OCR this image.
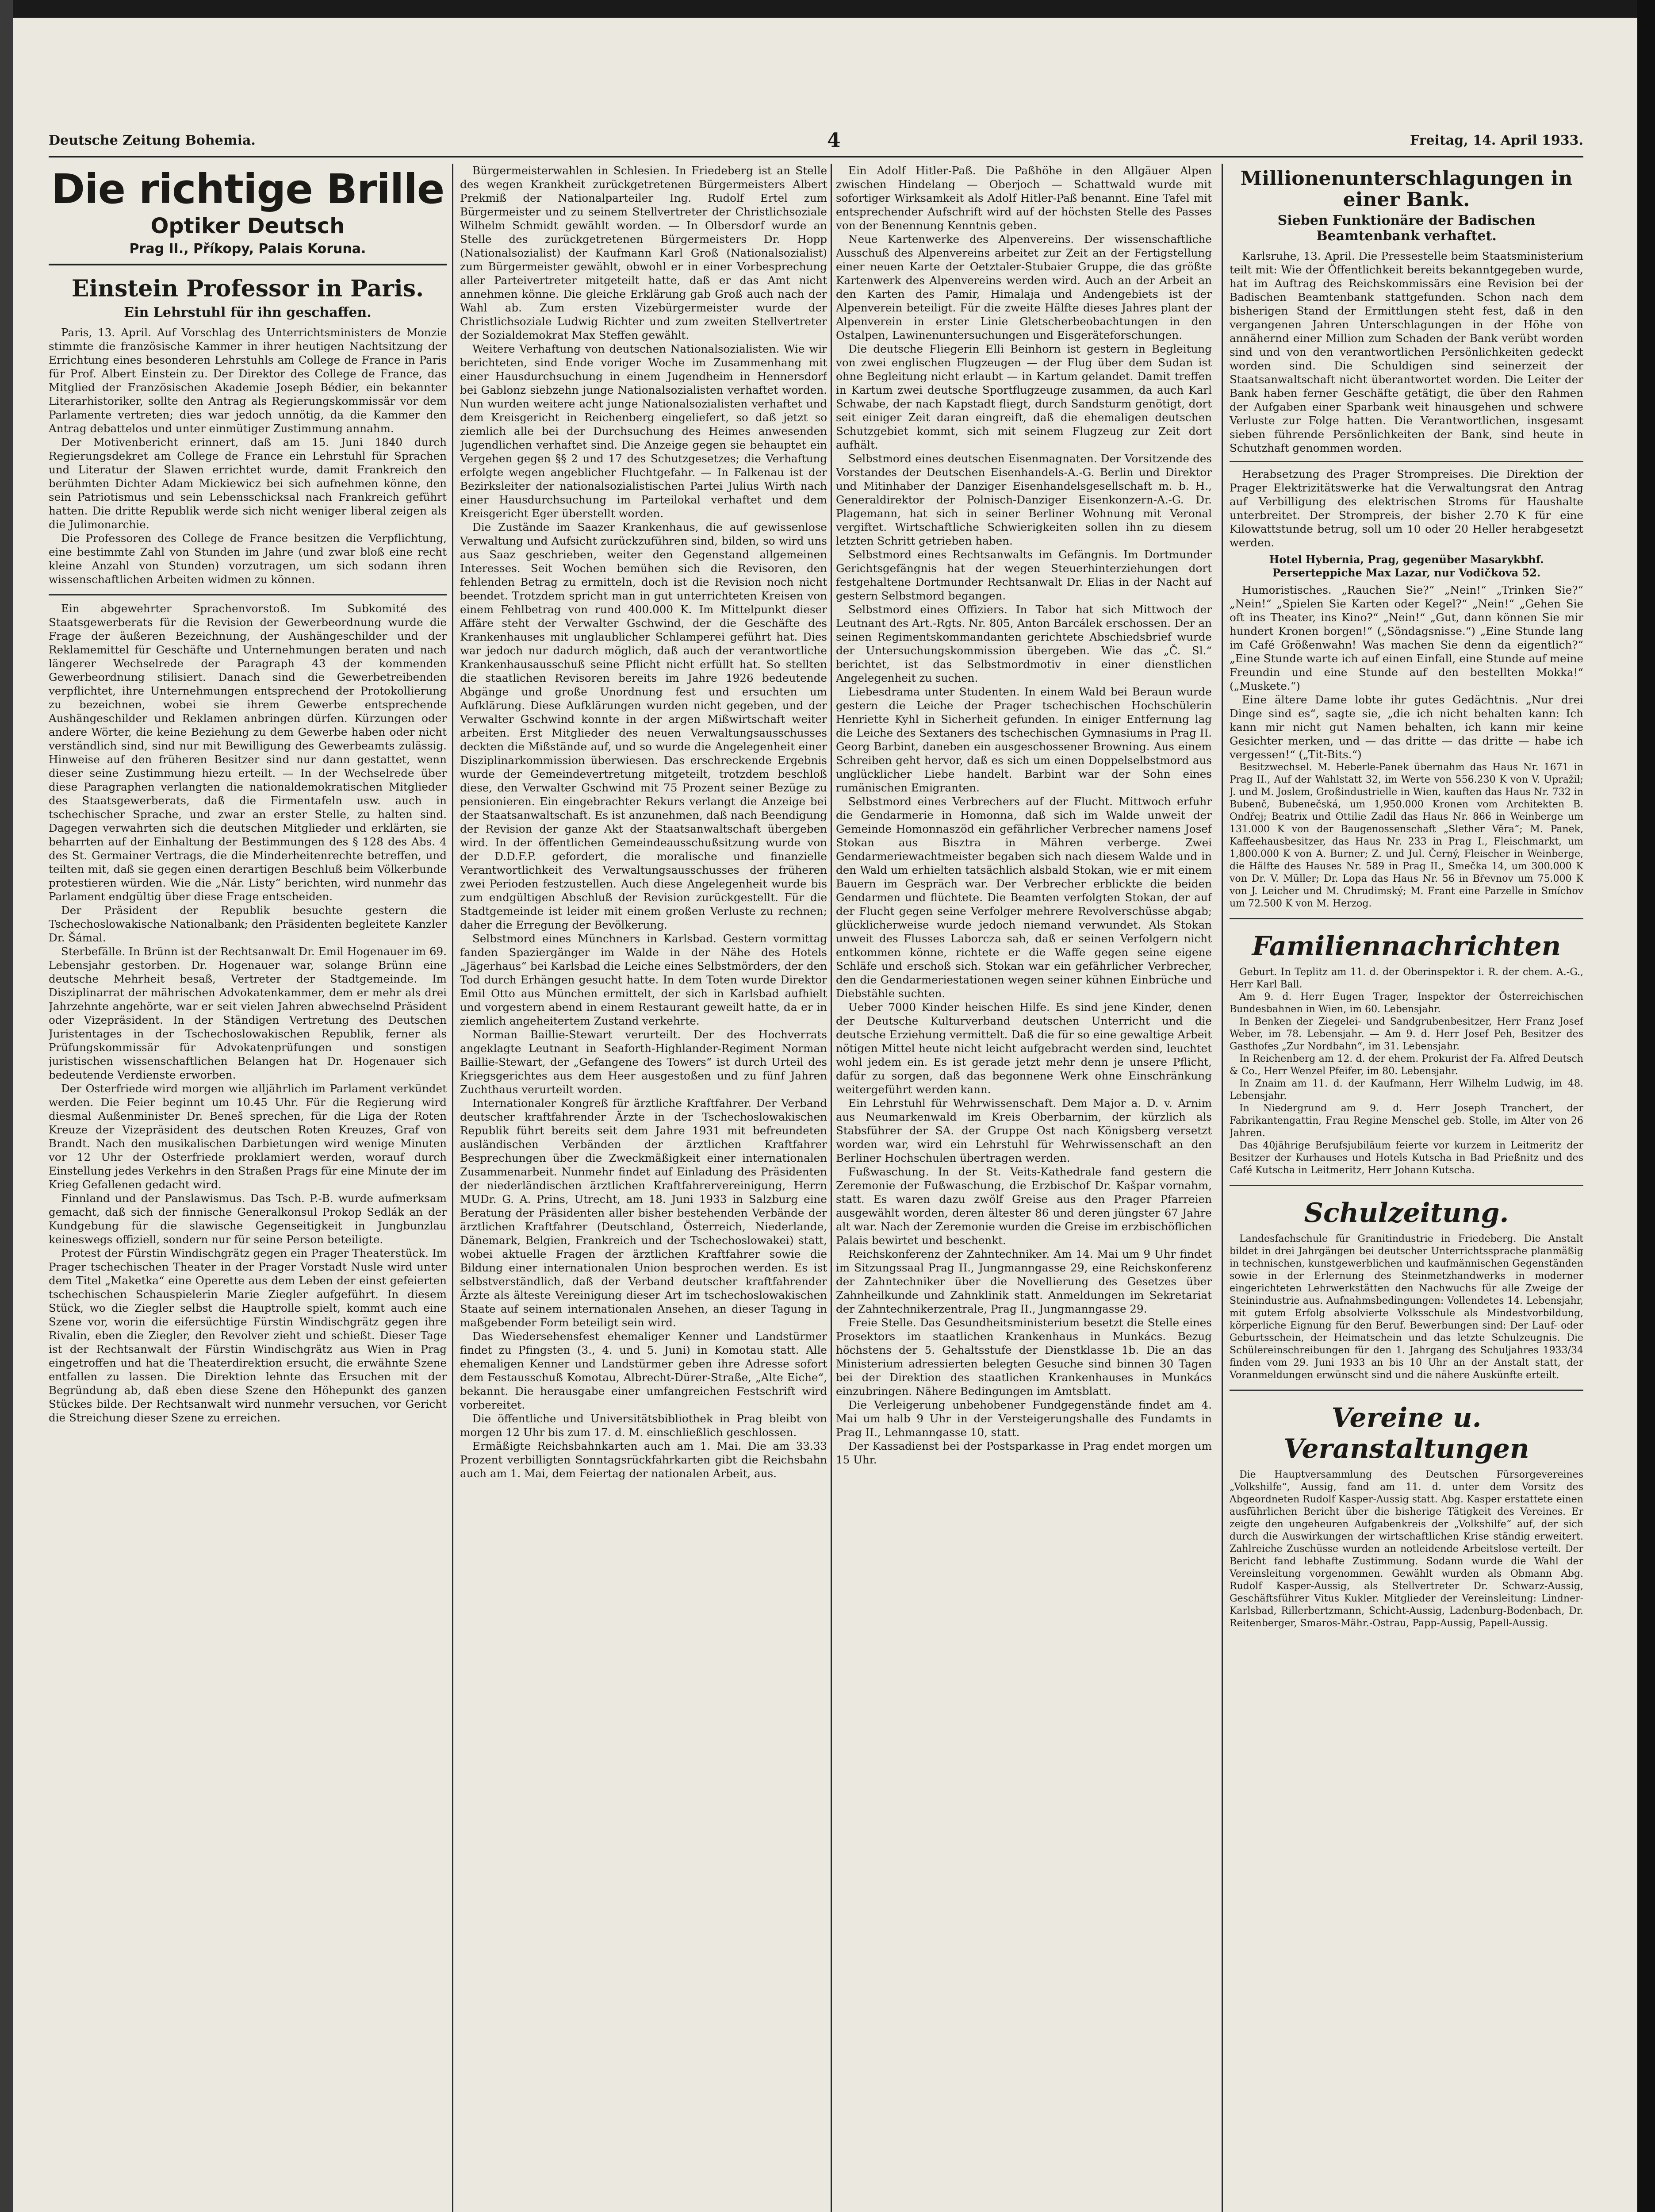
Deutsche Zeitung Bohemia.	4	Freitag, 14. April 1933.
Die richtige Brille
Optiker Deutsch
Prag II., Příkopy, Palais Koruna.
Einstein Professor in Paris.
Ein Lehrstuhl für ihn geschaffen.

Paris, 13. April. Auf Vorschlag des Unterrichtsministers de Monzie stimmte die französische Kammer in ihrer heutigen Nachtsitzung der Errichtung eines besonderen Lehrstuhls am College de France in Paris für Prof. Albert Einstein zu. Der Direktor des College de France, das Mitglied der Französischen Akademie Joseph Bédier, ein bekannter Literarhistoriker, sollte den Antrag als Regierungskommissär vor dem Parlamente vertreten; dies war jedoch unnötig, da die Kammer den Antrag debattelos und unter einmütiger Zustimmung annahm.

Der Motivenbericht erinnert, daß am 15. Juni 1840 durch Regierungsdekret am College de France ein Lehrstuhl für Sprachen und Literatur der Slawen errichtet wurde, damit Frankreich den berühmten Dichter Adam Mickiewicz bei sich aufnehmen könne, den sein Patriotismus und sein Lebensschicksal nach Frankreich geführt hatten. Die dritte Republik werde sich nicht weniger liberal zeigen als die Julimonarchie.

Die Professoren des College de France besitzen die Verpflichtung, eine bestimmte Zahl von Stunden im Jahre (und zwar bloß eine recht kleine Anzahl von Stunden) vorzutragen, um sich sodann ihren wissenschaftlichen Arbeiten widmen zu können.

Ein abgewehrter Sprachenvorstoß. Im Subkomité des Staatsgewerberats für die Revision der Gewerbeordnung wurde die Frage der äußeren Bezeichnung, der Aushängeschilder und der Reklamemittel für Geschäfte und Unternehmungen beraten und nach längerer Wechselrede der Paragraph 43 der kommenden Gewerbeordnung stilisiert. Danach sind die Gewerbetreibenden verpflichtet, ihre Unternehmungen entsprechend der Protokollierung zu bezeichnen, wobei sie ihrem Gewerbe entsprechende Aushängeschilder und Reklamen anbringen dürfen. Kürzungen oder andere Wörter, die keine Beziehung zu dem Gewerbe haben oder nicht verständlich sind, sind nur mit Bewilligung des Gewerbeamts zulässig. Hinweise auf den früheren Besitzer sind nur dann gestattet, wenn dieser seine Zustimmung hiezu erteilt. — In der Wechselrede über diese Paragraphen verlangten die nationaldemokratischen Mitglieder des Staatsgewerberats, daß die Firmentafeln usw. auch in tschechischer Sprache, und zwar an erster Stelle, zu halten sind. Dagegen verwahrten sich die deutschen Mitglieder und erklärten, sie beharrten auf der Einhaltung der Bestimmungen des § 128 des Abs. 4 des St. Germainer Vertrags, die die Minderheitenrechte betreffen, und teilten mit, daß sie gegen einen derartigen Beschluß beim Völkerbunde protestieren würden. Wie die „Nár. Listy“ berichten, wird nunmehr das Parlament endgültig über diese Frage entscheiden.

Der Präsident der Republik besuchte gestern die Tschechoslowakische Nationalbank; den Präsidenten begleitete Kanzler Dr. Šámal.

Sterbefälle. In Brünn ist der Rechtsanwalt Dr. Emil Hogenauer im 69. Lebensjahr gestorben. Dr. Hogenauer war, solange Brünn eine deutsche Mehrheit besaß, Vertreter der Stadtgemeinde. Im Disziplinarrat der mährischen Advokatenkammer, dem er mehr als drei Jahrzehnte angehörte, war er seit vielen Jahren abwechselnd Präsident oder Vizepräsident. In der Ständigen Vertretung des Deutschen Juristentages in der Tschechoslowakischen Republik, ferner als Prüfungskommissär für Advokatenprüfungen und sonstigen juristischen wissenschaftlichen Belangen hat Dr. Hogenauer sich bedeutende Verdienste erworben.

Der Osterfriede wird morgen wie alljährlich im Parlament verkündet werden. Die Feier beginnt um 10.45 Uhr. Für die Regierung wird diesmal Außenminister Dr. Beneš sprechen, für die Liga der Roten Kreuze der Vizepräsident des deutschen Roten Kreuzes, Graf von Brandt. Nach den musikalischen Darbietungen wird wenige Minuten vor 12 Uhr der Osterfriede proklamiert werden, worauf durch Einstellung jedes Verkehrs in den Straßen Prags für eine Minute der im Krieg Gefallenen gedacht wird.

Finnland und der Panslawismus. Das Tsch. P.-B. wurde aufmerksam gemacht, daß sich der finnische Generalkonsul Prokop Sedlák an der Kundgebung für die slawische Gegenseitigkeit in Jungbunzlau keineswegs offiziell, sondern nur für seine Person beteiligte.

Protest der Fürstin Windischgrätz gegen ein Prager Theaterstück. Im Prager tschechischen Theater in der Prager Vorstadt Nusle wird unter dem Titel „Maketka“ eine Operette aus dem Leben der einst gefeierten tschechischen Schauspielerin Marie Ziegler aufgeführt. In diesem Stück, wo die Ziegler selbst die Hauptrolle spielt, kommt auch eine Szene vor, worin die eifersüchtige Fürstin Windischgrätz gegen ihre Rivalin, eben die Ziegler, den Revolver zieht und schießt. Dieser Tage ist der Rechtsanwalt der Fürstin Windischgrätz aus Wien in Prag eingetroffen und hat die Theaterdirektion ersucht, die erwähnte Szene entfallen zu lassen. Die Direktion lehnte das Ersuchen mit der Begründung ab, daß eben diese Szene den Höhepunkt des ganzen Stückes bilde. Der Rechtsanwalt wird nunmehr versuchen, vor Gericht die Streichung dieser Szene zu erreichen.

Bürgermeisterwahlen in Schlesien. In Friedeberg ist an Stelle des wegen Krankheit zurückgetretenen Bürgermeisters Albert Prekmiß der Nationalparteiler Ing. Rudolf Ertel zum Bürgermeister und zu seinem Stellvertreter der Christlichsoziale Wilhelm Schmidt gewählt worden. — In Olbersdorf wurde an Stelle des zurückgetretenen Bürgermeisters Dr. Hopp (Nationalsozialist) der Kaufmann Karl Groß (Nationalsozialist) zum Bürgermeister gewählt, obwohl er in einer Vorbesprechung aller Parteivertreter mitgeteilt hatte, daß er das Amt nicht annehmen könne. Die gleiche Erklärung gab Groß auch nach der Wahl ab. Zum ersten Vizebürgermeister wurde der Christlichsoziale Ludwig Richter und zum zweiten Stellvertreter der Sozialdemokrat Max Steffen gewählt.

Weitere Verhaftung von deutschen Nationalsozialisten. Wie wir berichteten, sind Ende voriger Woche im Zusammenhang mit einer Hausdurchsuchung in einem Jugendheim in Hennersdorf bei Gablonz siebzehn junge Nationalsozialisten verhaftet worden. Nun wurden weitere acht junge Nationalsozialisten verhaftet und dem Kreisgericht in Reichenberg eingeliefert, so daß jetzt so ziemlich alle bei der Durchsuchung des Heimes anwesenden Jugendlichen verhaftet sind. Die Anzeige gegen sie behauptet ein Vergehen gegen §§ 2 und 17 des Schutzgesetzes; die Verhaftung erfolgte wegen angeblicher Fluchtgefahr. — In Falkenau ist der Bezirksleiter der nationalsozialistischen Partei Julius Wirth nach einer Hausdurchsuchung im Parteilokal verhaftet und dem Kreisgericht Eger überstellt worden.

Die Zustände im Saazer Krankenhaus, die auf gewissenlose Verwaltung und Aufsicht zurückzuführen sind, bilden, so wird uns aus Saaz geschrieben, weiter den Gegenstand allgemeinen Interesses. Seit Wochen bemühen sich die Revisoren, den fehlenden Betrag zu ermitteln, doch ist die Revision noch nicht beendet. Trotzdem spricht man in gut unterrichteten Kreisen von einem Fehlbetrag von rund 400.000 K. Im Mittelpunkt dieser Affäre steht der Verwalter Gschwind, der die Geschäfte des Krankenhauses mit unglaublicher Schlamperei geführt hat. Dies war jedoch nur dadurch möglich, daß auch der verantwortliche Krankenhausausschuß seine Pflicht nicht erfüllt hat. So stellten die staatlichen Revisoren bereits im Jahre 1926 bedeutende Abgänge und große Unordnung fest und ersuchten um Aufklärung. Diese Aufklärungen wurden nicht gegeben, und der Verwalter Gschwind konnte in der argen Mißwirtschaft weiter arbeiten. Erst Mitglieder des neuen Verwaltungsausschusses deckten die Mißstände auf, und so wurde die Angelegenheit einer Disziplinarkommission überwiesen. Das erschreckende Ergebnis wurde der Gemeindevertretung mitgeteilt, trotzdem beschloß diese, den Verwalter Gschwind mit 75 Prozent seiner Bezüge zu pensionieren. Ein eingebrachter Rekurs verlangt die Anzeige bei der Staatsanwaltschaft. Es ist anzunehmen, daß nach Beendigung der Revision der ganze Akt der Staatsanwaltschaft übergeben wird. In der öffentlichen Gemeindeausschußsitzung wurde von der D.D.F.P. gefordert, die moralische und finanzielle Verantwortlichkeit des Verwaltungsausschusses der früheren zwei Perioden festzustellen. Auch diese Angelegenheit wurde bis zum endgültigen Abschluß der Revision zurückgestellt. Für die Stadtgemeinde ist leider mit einem großen Verluste zu rechnen; daher die Erregung der Bevölkerung.

Selbstmord eines Münchners in Karlsbad. Gestern vormittag fanden Spaziergänger im Walde in der Nähe des Hotels „Jägerhaus“ bei Karlsbad die Leiche eines Selbstmörders, der den Tod durch Erhängen gesucht hatte. In dem Toten wurde Direktor Emil Otto aus München ermittelt, der sich in Karlsbad aufhielt und vorgestern abend in einem Restaurant geweilt hatte, da er in ziemlich angeheitertem Zustand verkehrte.

Norman Baillie-Stewart verurteilt. Der des Hochverrats angeklagte Leutnant in Seaforth-Highlander-Regiment Norman Baillie-Stewart, der „Gefangene des Towers“ ist durch Urteil des Kriegsgerichtes aus dem Heer ausgestoßen und zu fünf Jahren Zuchthaus verurteilt worden.

Internationaler Kongreß für ärztliche Kraftfahrer. Der Verband deutscher kraftfahrender Ärzte in der Tschechoslowakischen Republik führt bereits seit dem Jahre 1931 mit befreundeten ausländischen Verbänden der ärztlichen Kraftfahrer Besprechungen über die Zweckmäßigkeit einer internationalen Zusammenarbeit. Nunmehr findet auf Einladung des Präsidenten der niederländischen ärztlichen Kraftfahrervereinigung, Herrn MUDr. G. A. Prins, Utrecht, am 18. Juni 1933 in Salzburg eine Beratung der Präsidenten aller bisher bestehenden Verbände der ärztlichen Kraftfahrer (Deutschland, Österreich, Niederlande, Dänemark, Belgien, Frankreich und der Tschechoslowakei) statt, wobei aktuelle Fragen der ärztlichen Kraftfahrer sowie die Bildung einer internationalen Union besprochen werden. Es ist selbstverständlich, daß der Verband deutscher kraftfahrender Ärzte als älteste Vereinigung dieser Art im tschechoslowakischen Staate auf seinem internationalen Ansehen, an dieser Tagung in maßgebender Form beteiligt sein wird.

Das Wiedersehensfest ehemaliger Kenner und Landstürmer findet zu Pfingsten (3., 4. und 5. Juni) in Komotau statt. Alle ehemaligen Kenner und Landstürmer geben ihre Adresse sofort dem Festausschuß Komotau, Albrecht-Dürer-Straße, „Alte Eiche“, bekannt. Die herausgabe einer umfangreichen Festschrift wird vorbereitet.

Die öffentliche und Universitätsbibliothek in Prag bleibt von morgen 12 Uhr bis zum 17. d. M. einschließlich geschlossen.

Ermäßigte Reichsbahnkarten auch am 1. Mai. Die am 33.33 Prozent verbilligten Sonntagsrückfahrkarten gibt die Reichsbahn auch am 1. Mai, dem Feiertag der nationalen Arbeit, aus.

Ein Adolf Hitler-Paß. Die Paßhöhe in den Allgäuer Alpen zwischen Hindelang — Oberjoch — Schattwald wurde mit sofortiger Wirksamkeit als Adolf Hitler-Paß benannt. Eine Tafel mit entsprechender Aufschrift wird auf der höchsten Stelle des Passes von der Benennung Kenntnis geben.

Neue Kartenwerke des Alpenvereins. Der wissenschaftliche Ausschuß des Alpenvereins arbeitet zur Zeit an der Fertigstellung einer neuen Karte der Oetztaler-Stubaier Gruppe, die das größte Kartenwerk des Alpenvereins werden wird. Auch an der Arbeit an den Karten des Pamir, Himalaja und Andengebiets ist der Alpenverein beteiligt. Für die zweite Hälfte dieses Jahres plant der Alpenverein in erster Linie Gletscherbeobachtungen in den Ostalpen, Lawinenuntersuchungen und Eisgeräteforschungen.

Die deutsche Fliegerin Elli Beinhorn ist gestern in Begleitung von zwei englischen Flugzeugen — der Flug über dem Sudan ist ohne Begleitung nicht erlaubt — in Kartum gelandet. Damit treffen in Kartum zwei deutsche Sportflugzeuge zusammen, da auch Karl Schwabe, der nach Kapstadt fliegt, durch Sandsturm genötigt, dort seit einiger Zeit daran eingreift, daß die ehemaligen deutschen Schutzgebiet kommt, sich mit seinem Flugzeug zur Zeit dort aufhält.

Selbstmord eines deutschen Eisenmagnaten. Der Vorsitzende des Vorstandes der Deutschen Eisenhandels-A.-G. Berlin und Direktor und Mitinhaber der Danziger Eisenhandelsgesellschaft m. b. H., Generaldirektor der Polnisch-Danziger Eisenkonzern-A.-G. Dr. Plagemann, hat sich in seiner Berliner Wohnung mit Veronal vergiftet. Wirtschaftliche Schwierigkeiten sollen ihn zu diesem letzten Schritt getrieben haben.

Selbstmord eines Rechtsanwalts im Gefängnis. Im Dortmunder Gerichtsgefängnis hat der wegen Steuerhinterziehungen dort festgehaltene Dortmunder Rechtsanwalt Dr. Elias in der Nacht auf gestern Selbstmord begangen.

Selbstmord eines Offiziers. In Tabor hat sich Mittwoch der Leutnant des Art.-Rgts. Nr. 805, Anton Barcálek erschossen. Der an seinen Regimentskommandanten gerichtete Abschiedsbrief wurde der Untersuchungskommission übergeben. Wie das „Č. Sl.“ berichtet, ist das Selbstmordmotiv in einer dienstlichen Angelegenheit zu suchen.

Liebesdrama unter Studenten. In einem Wald bei Beraun wurde gestern die Leiche der Prager tschechischen Hochschülerin Henriette Kyhl in Sicherheit gefunden. In einiger Entfernung lag die Leiche des Sextaners des tschechischen Gymnasiums in Prag II. Georg Barbint, daneben ein ausgeschossener Browning. Aus einem Schreiben geht hervor, daß es sich um einen Doppelselbstmord aus unglücklicher Liebe handelt. Barbint war der Sohn eines rumänischen Emigranten.

Selbstmord eines Verbrechers auf der Flucht. Mittwoch erfuhr die Gendarmerie in Homonna, daß sich im Walde unweit der Gemeinde Homonnaszöd ein gefährlicher Verbrecher namens Josef Stokan aus Bisztra in Mähren verberge. Zwei Gendarmeriewachtmeister begaben sich nach diesem Walde und in den Wald um erhielten tatsächlich alsbald Stokan, wie er mit einem Bauern im Gespräch war. Der Verbrecher erblickte die beiden Gendarmen und flüchtete. Die Beamten verfolgten Stokan, der auf der Flucht gegen seine Verfolger mehrere Revolverschüsse abgab; glücklicherweise wurde jedoch niemand verwundet. Als Stokan unweit des Flusses Laborcza sah, daß er seinen Verfolgern nicht entkommen könne, richtete er die Waffe gegen seine eigene Schläfe und erschoß sich. Stokan war ein gefährlicher Verbrecher, den die Gendarmeriestationen wegen seiner kühnen Einbrüche und Diebstähle suchten.

Ueber 7000 Kinder heischen Hilfe. Es sind jene Kinder, denen der Deutsche Kulturverband deutschen Unterricht und die deutsche Erziehung vermittelt. Daß die für so eine gewaltige Arbeit nötigen Mittel heute nicht leicht aufgebracht werden sind, leuchtet wohl jedem ein. Es ist gerade jetzt mehr denn je unsere Pflicht, dafür zu sorgen, daß das begonnene Werk ohne Einschränkung weitergeführt werden kann.

Ein Lehrstuhl für Wehrwissenschaft. Dem Major a. D. v. Arnim aus Neumarkenwald im Kreis Oberbarnim, der kürzlich als Stabsführer der SA. der Gruppe Ost nach Königsberg versetzt worden war, wird ein Lehrstuhl für Wehrwissenschaft an den Berliner Hochschulen übertragen werden.

Fußwaschung. In der St. Veits-Kathedrale fand gestern die Zeremonie der Fußwaschung, die Erzbischof Dr. Kašpar vornahm, statt. Es waren dazu zwölf Greise aus den Prager Pfarreien ausgewählt worden, deren ältester 86 und deren jüngster 67 Jahre alt war. Nach der Zeremonie wurden die Greise im erzbischöflichen Palais bewirtet und beschenkt.

Reichskonferenz der Zahntechniker. Am 14. Mai um 9 Uhr findet im Sitzungssaal Prag II., Jungmanngasse 29, eine Reichskonferenz der Zahntechniker über die Novellierung des Gesetzes über Zahnheilkunde und Zahnklinik statt. Anmeldungen im Sekretariat der Zahntechnikerzentrale, Prag II., Jungmanngasse 29.

Freie Stelle. Das Gesundheitsministerium besetzt die Stelle eines Prosektors im staatlichen Krankenhaus in Munkács. Bezug höchstens der 5. Gehaltsstufe der Dienstklasse 1b. Die an das Ministerium adressierten belegten Gesuche sind binnen 30 Tagen bei der Direktion des staatlichen Krankenhauses in Munkács einzubringen. Nähere Bedingungen im Amtsblatt.

Die Verleigerung unbehobener Fundgegenstände findet am 4. Mai um halb 9 Uhr in der Versteigerungshalle des Fundamts in Prag II., Lehmanngasse 10, statt.

Der Kassadienst bei der Postsparkasse in Prag endet morgen um 15 Uhr.

Millionenunterschlagungen in einer Bank.
Sieben Funktionäre der Badischen Beamtenbank verhaftet.

Karlsruhe, 13. April. Die Pressestelle beim Staatsministerium teilt mit: Wie der Öffentlichkeit bereits bekanntgegeben wurde, hat im Auftrag des Reichskommissärs eine Revision bei der Badischen Beamtenbank stattgefunden. Schon nach dem bisherigen Stand der Ermittlungen steht fest, daß in den vergangenen Jahren Unterschlagungen in der Höhe von annähernd einer Million zum Schaden der Bank verübt worden sind und von den verantwortlichen Persönlichkeiten gedeckt worden sind. Die Schuldigen sind seinerzeit der Staatsanwaltschaft nicht überantwortet worden. Die Leiter der Bank haben ferner Geschäfte getätigt, die über den Rahmen der Aufgaben einer Sparbank weit hinausgehen und schwere Verluste zur Folge hatten. Die Verantwortlichen, insgesamt sieben führende Persönlichkeiten der Bank, sind heute in Schutzhaft genommen worden.

Herabsetzung des Prager Strompreises. Die Direktion der Prager Elektrizitätswerke hat die Verwaltungsrat den Antrag auf Verbilligung des elektrischen Stroms für Haushalte unterbreitet. Der Strompreis, der bisher 2.70 K für eine Kilowattstunde betrug, soll um 10 oder 20 Heller herabgesetzt werden.

Hotel Hybernia, Prag, gegenüber Masarykbhf. Perserteppiche Max Lazar, nur Vodičkova 52.

Humoristisches. „Rauchen Sie?“ „Nein!“ „Trinken Sie?“ „Nein!“ „Spielen Sie Karten oder Kegel?“ „Nein!“ „Gehen Sie oft ins Theater, ins Kino?“ „Nein!“ „Gut, dann können Sie mir hundert Kronen borgen!“ („Söndagsnisse.“) „Eine Stunde lang im Café Größenwahn! Was machen Sie denn da eigentlich?“ „Eine Stunde warte ich auf einen Einfall, eine Stunde auf meine Freundin und eine Stunde auf den bestellten Mokka!“ („Muskete.“)

Eine ältere Dame lobte ihr gutes Gedächtnis. „Nur drei Dinge sind es“, sagte sie, „die ich nicht behalten kann: Ich kann mir nicht gut Namen behalten, ich kann mir keine Gesichter merken, und — das dritte — das dritte — habe ich vergessen!“ („Tit-Bits.“)

Besitzwechsel. M. Heberle-Panek übernahm das Haus Nr. 1671 in Prag II., Auf der Wahlstatt 32, im Werte von 556.230 K von V. Upražil; J. und M. Joslem, Großindustrielle in Wien, kauften das Haus Nr. 732 in Bubenč, Bubenečská, um 1,950.000 Kronen vom Architekten B. Ondřej; Beatrix und Ottilie Zadil das Haus Nr. 866 in Weinberge um 131.000 K von der Baugenossenschaft „Slether Věra“; M. Panek, Kaffeehausbesitzer, das Haus Nr. 233 in Prag I., Fleischmarkt, um 1,800.000 K von A. Burner; Z. und Jul. Černý, Fleischer in Weinberge, die Hälfte des Hauses Nr. 589 in Prag II., Smečka 14, um 300.000 K von Dr. V. Müller; Dr. Lopa das Haus Nr. 56 in Břevnov um 75.000 K von J. Leicher und M. Chrudimský; M. Frant eine Parzelle in Smíchov um 72.500 K von M. Herzog.

Familiennachrichten

Geburt. In Teplitz am 11. d. der Oberinspektor i. R. der chem. A.-G., Herr Karl Ball.

Am 9. d. Herr Eugen Trager, Inspektor der Österreichischen Bundesbahnen in Wien, im 60. Lebensjahr.

In Benken der Ziegelei- und Sandgrubenbesitzer, Herr Franz Josef Weber, im 78. Lebensjahr. — Am 9. d. Herr Josef Peh, Besitzer des Gasthofes „Zur Nordbahn“, im 31. Lebensjahr.

In Reichenberg am 12. d. der ehem. Prokurist der Fa. Alfred Deutsch & Co., Herr Wenzel Pfeifer, im 80. Lebensjahr.

In Znaim am 11. d. der Kaufmann, Herr Wilhelm Ludwig, im 48. Lebensjahr.

In Niedergrund am 9. d. Herr Joseph Tranchert, der Fabrikantengattin, Frau Regine Menschel geb. Stolle, im Alter von 26 Jahren.

Das 40jährige Berufsjubiläum feierte vor kurzem in Leitmeritz der Besitzer der Kurhauses und Hotels Kutscha in Bad Prießnitz und des Café Kutscha in Leitmeritz, Herr Johann Kutscha.

Schulzeitung.

Landesfachschule für Granitindustrie in Friedeberg. Die Anstalt bildet in drei Jahrgängen bei deutscher Unterrichtssprache planmäßig in technischen, kunstgewerblichen und kaufmännischen Gegenständen sowie in der Erlernung des Steinmetzhandwerks in moderner eingerichteten Lehrwerkstätten den Nachwuchs für alle Zweige der Steinindustrie aus. Aufnahmsbedingungen: Vollendetes 14. Lebensjahr, mit gutem Erfolg absolvierte Volksschule als Mindestvorbildung, körperliche Eignung für den Beruf. Bewerbungen sind: Der Lauf- oder Geburtsschein, der Heimatschein und das letzte Schulzeugnis. Die Schülereinschreibungen für den 1. Jahrgang des Schuljahres 1933/34 finden vom 29. Juni 1933 an bis 10 Uhr an der Anstalt statt, der Voranmeldungen erwünscht sind und die nähere Auskünfte erteilt.

Vereine u. Veranstaltungen

Die Hauptversammlung des Deutschen Fürsorgevereines „Volkshilfe“, Aussig, fand am 11. d. unter dem Vorsitz des Abgeordneten Rudolf Kasper-Aussig statt. Abg. Kasper erstattete einen ausführlichen Bericht über die bisherige Tätigkeit des Vereines. Er zeigte den ungeheuren Aufgabenkreis der „Volkshilfe“ auf, der sich durch die Auswirkungen der wirtschaftlichen Krise ständig erweitert. Zahlreiche Zuschüsse wurden an notleidende Arbeitslose verteilt. Der Bericht fand lebhafte Zustimmung. Sodann wurde die Wahl der Vereinsleitung vorgenommen. Gewählt wurden als Obmann Abg. Rudolf Kasper-Aussig, als Stellvertreter Dr. Schwarz-Aussig, Geschäftsführer Vitus Kukler. Mitglieder der Vereinsleitung: Lindner-Karlsbad, Rillerbertzmann, Schicht-Aussig, Ladenburg-Bodenbach, Dr. Reitenberger, Smaros-Mähr.-Ostrau, Papp-Aussig, Papell-Aussig.
